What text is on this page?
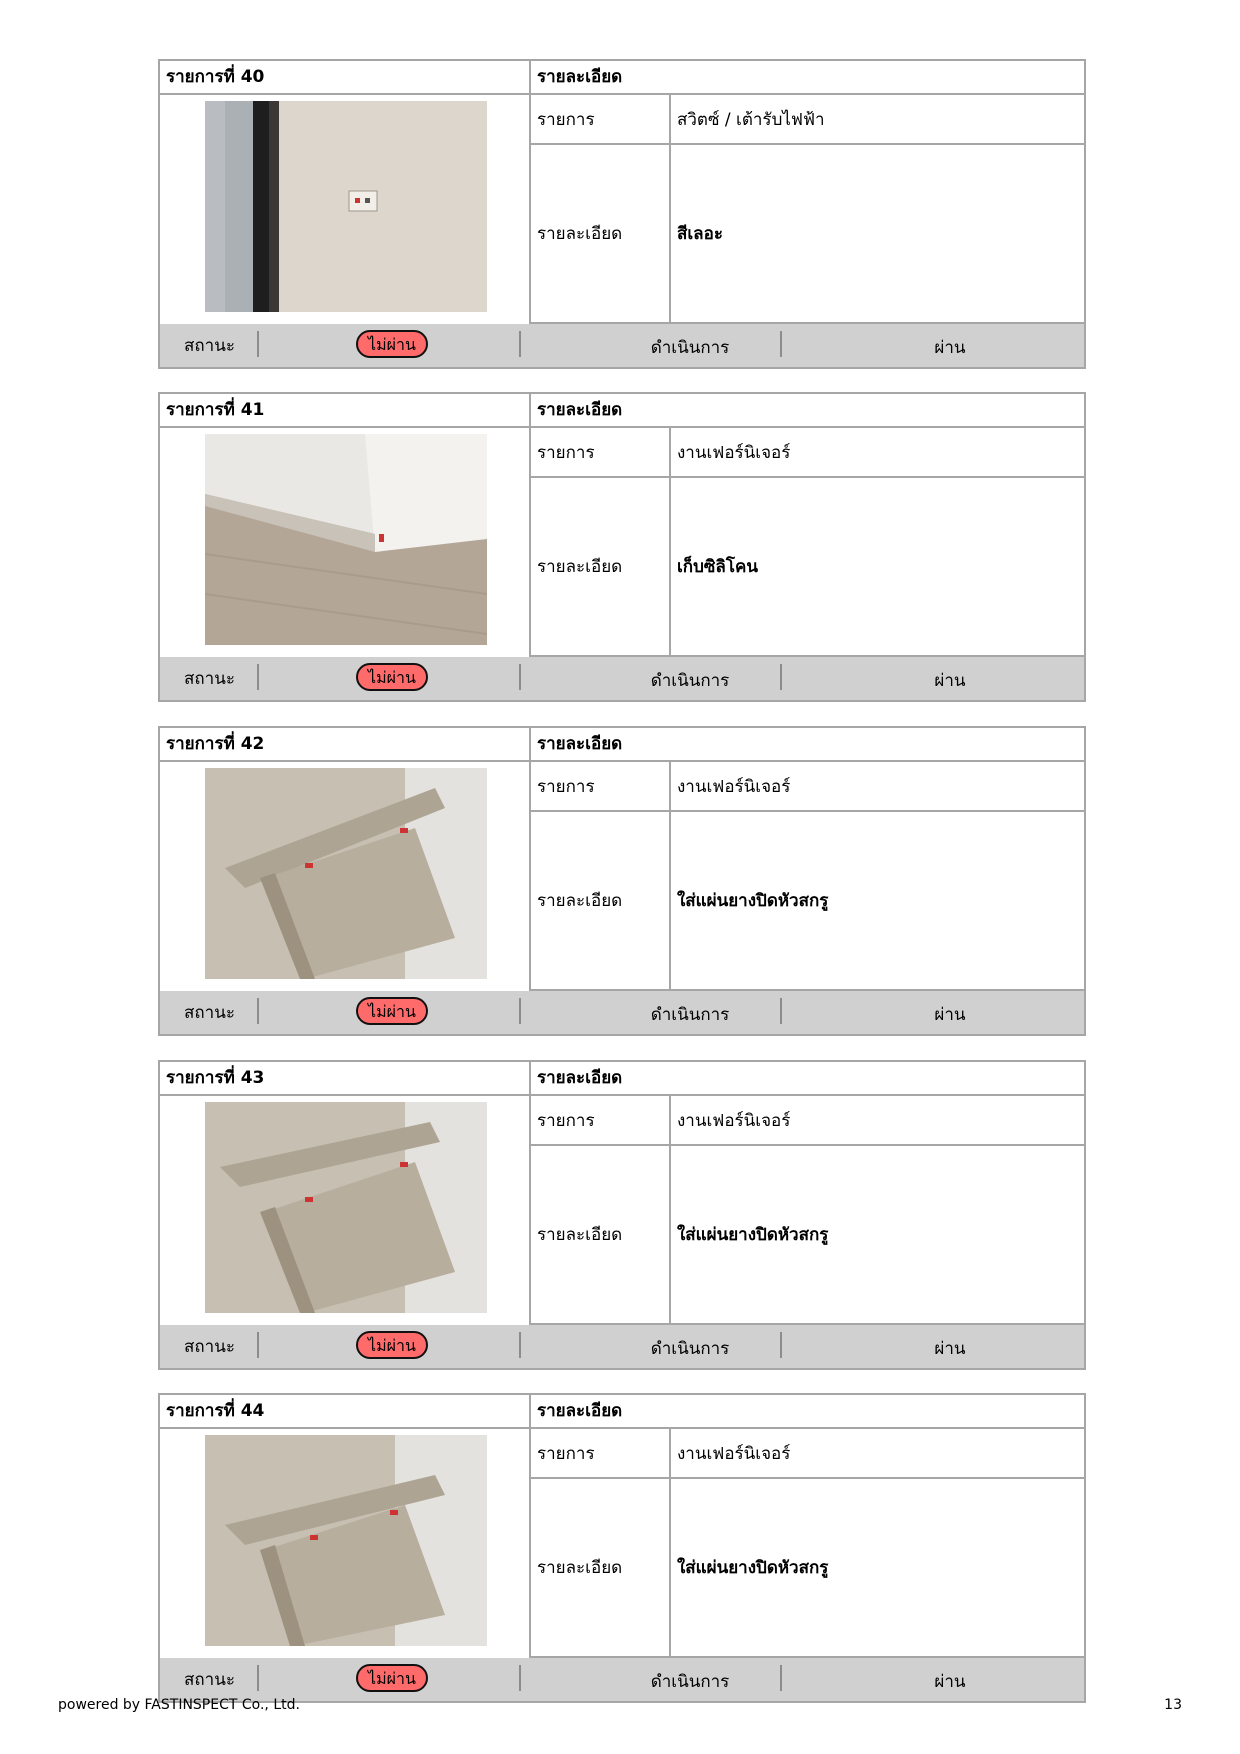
รายการที่ 40	รายละเอียด
รายการ	สวิตซ์ / เต้ารับไฟฟ้า
รายละเอียด	สีเลอะ
สถานะ	ไม่ผ่าน	ดำเนินการ	ผ่าน
รายการที่ 41	รายละเอียด
รายการ	งานเฟอร์นิเจอร์
รายละเอียด	เก็บซิลิโคน
สถานะ	ไม่ผ่าน	ดำเนินการ	ผ่าน
รายการที่ 42	รายละเอียด
รายการ	งานเฟอร์นิเจอร์
รายละเอียด	ใส่แผ่นยางปิดหัวสกรู
สถานะ	ไม่ผ่าน	ดำเนินการ	ผ่าน
รายการที่ 43	รายละเอียด
รายการ	งานเฟอร์นิเจอร์
รายละเอียด	ใส่แผ่นยางปิดหัวสกรู
สถานะ	ไม่ผ่าน	ดำเนินการ	ผ่าน
รายการที่ 44	รายละเอียด
รายการ	งานเฟอร์นิเจอร์
รายละเอียด	ใส่แผ่นยางปิดหัวสกรู
สถานะ	ไม่ผ่าน	ดำเนินการ	ผ่าน
powered by FASTINSPECT Co., Ltd.	13
